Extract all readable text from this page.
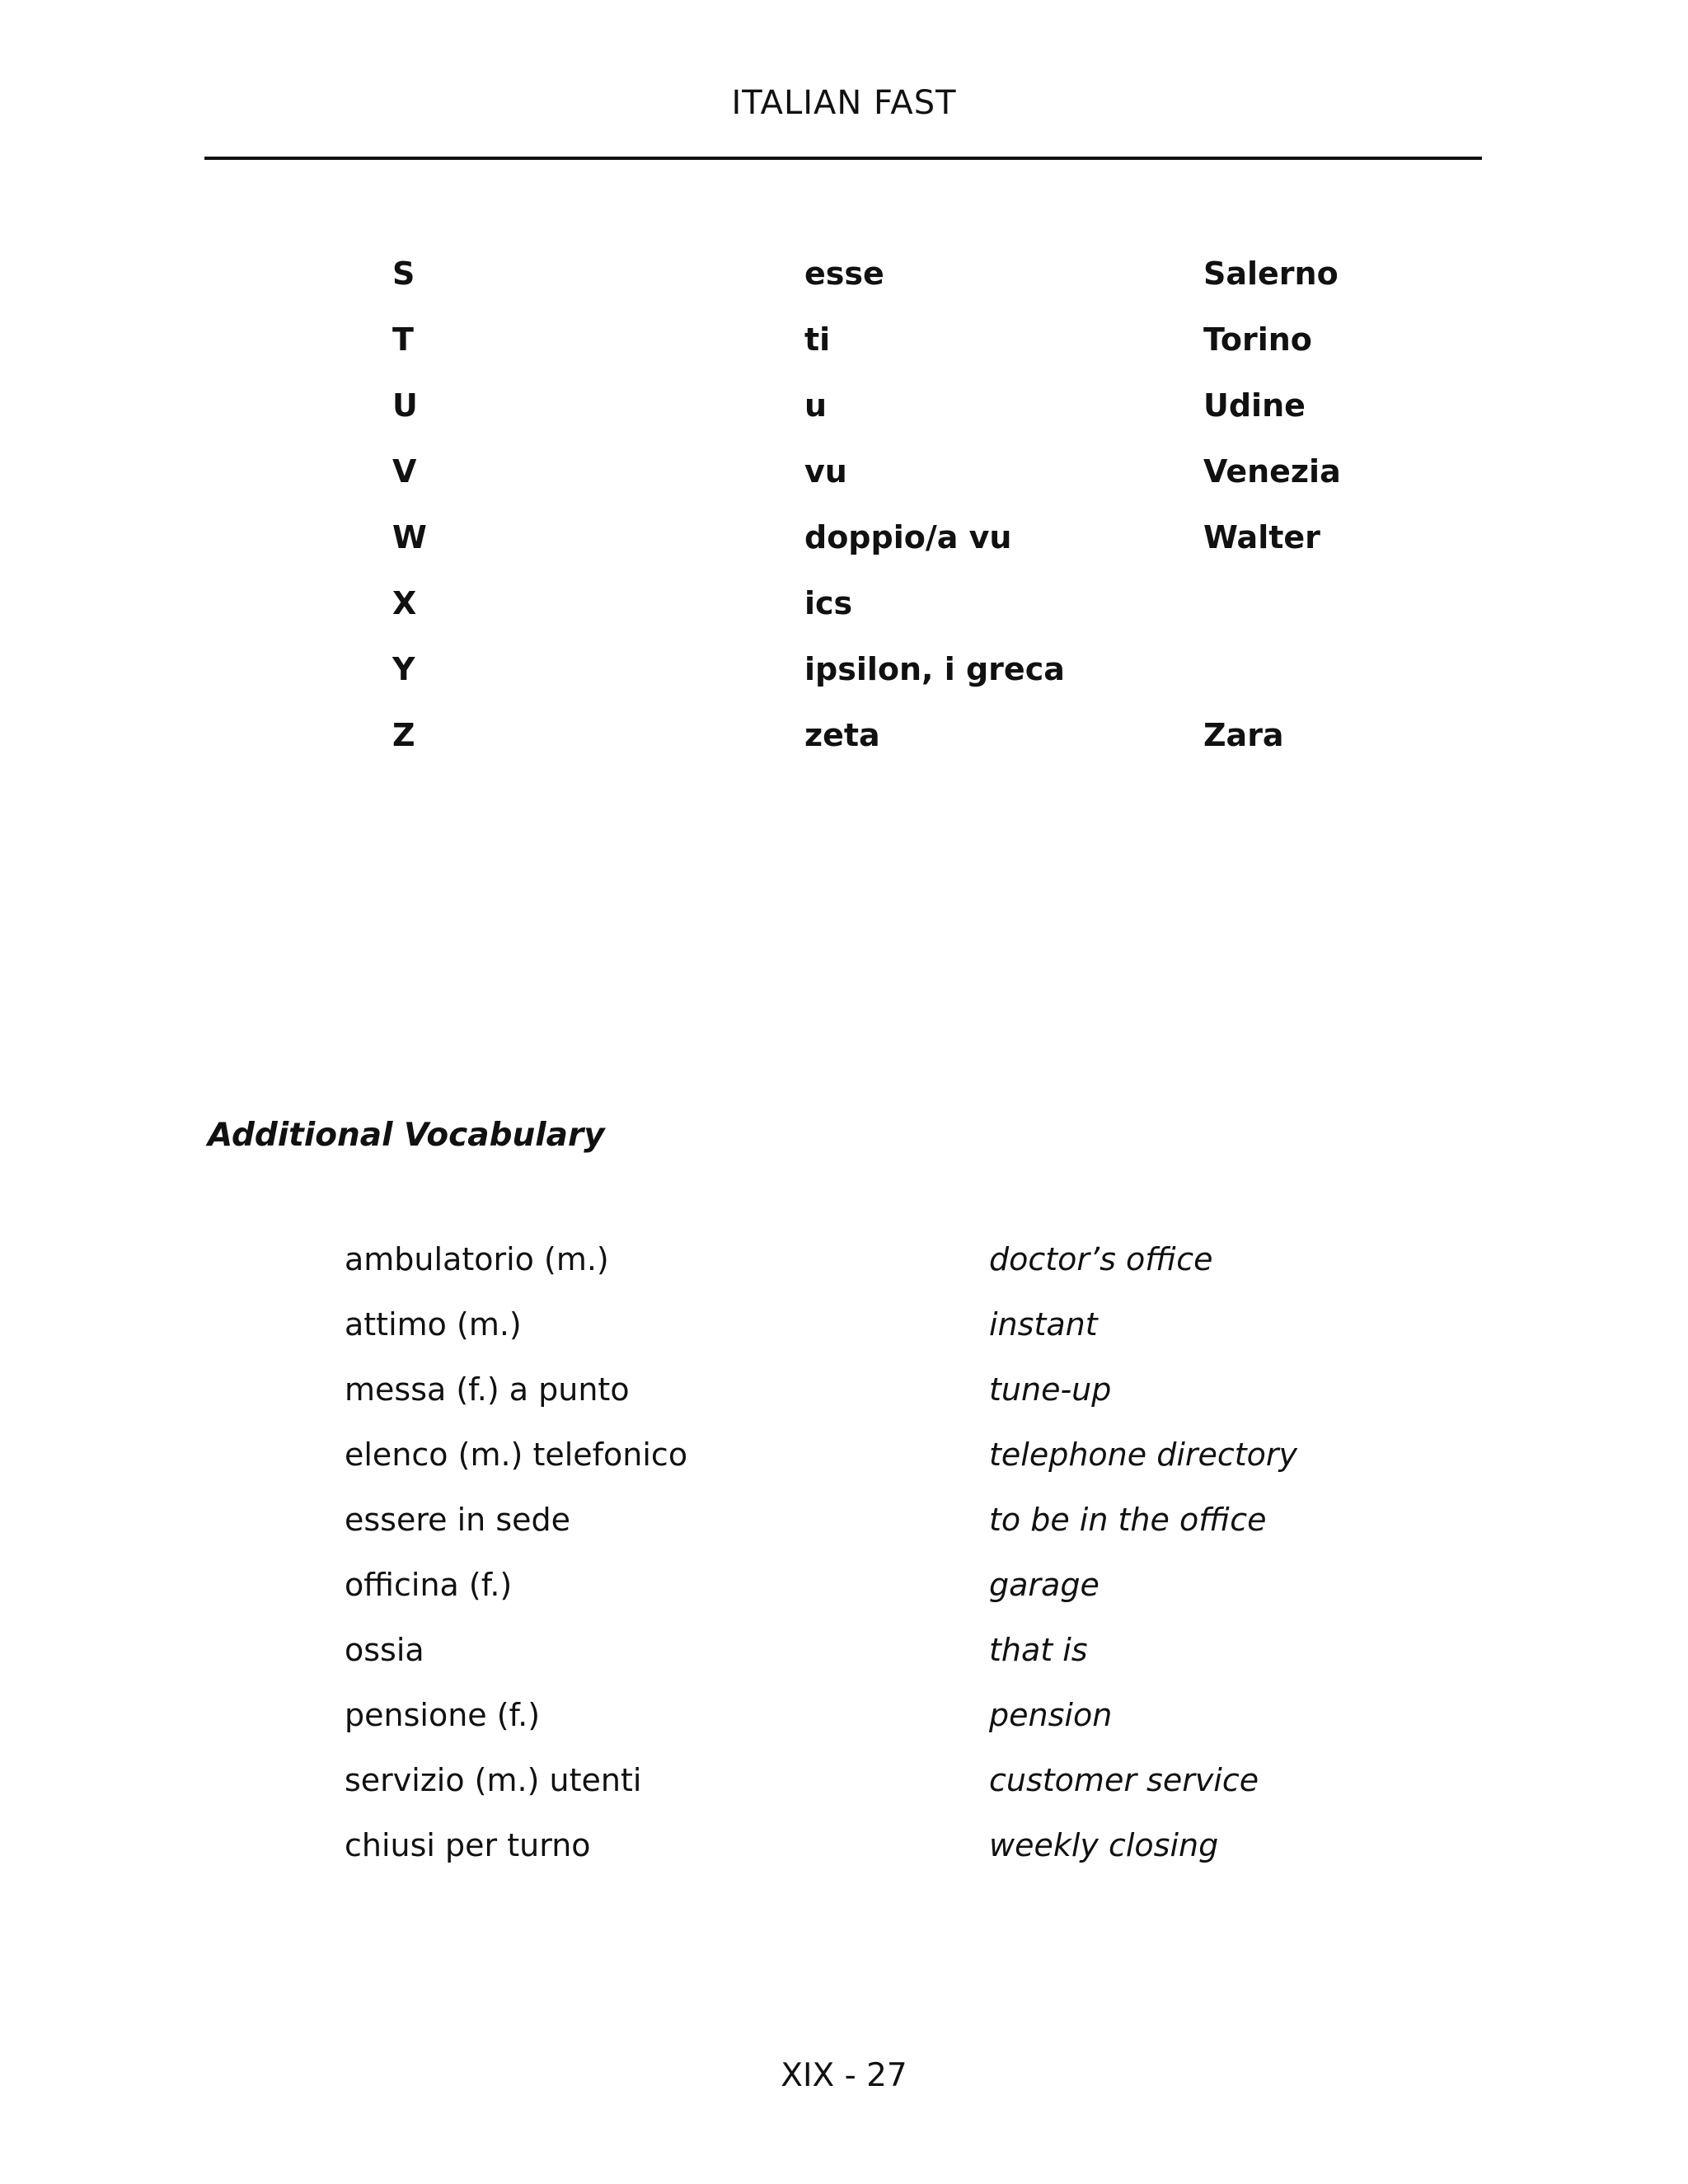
ITALIAN FAST
S	esse	Salerno
T	ti	Torino
U	u	Udine
V	vu	Venezia
W	doppio/a vu	Walter
X	ics
Y	ipsilon, i greca
Z	zeta	Zara
Additional Vocabulary
ambulatorio (m.)	doctor’s office
attimo (m.)	instant
messa (f.) a punto	tune-up
elenco (m.) telefonico	telephone directory
essere in sede	to be in the office
officina (f.)	garage
ossia	that is
pensione (f.)	pension
servizio (m.) utenti	customer service
chiusi per turno	weekly closing
XIX - 27
